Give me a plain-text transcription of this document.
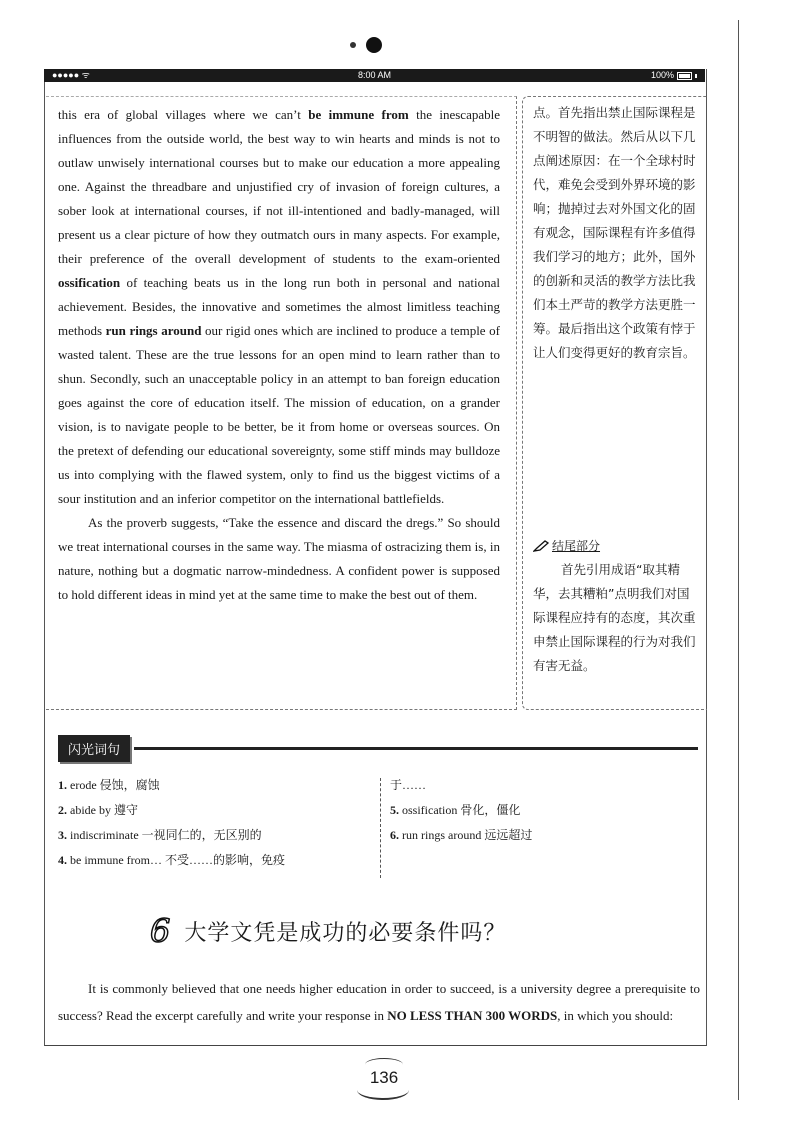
●●●●● ᯤ	8:00 AM	100%

this era of global villages where we can’t be immune from the inescapable influences from the outside world, the best way to win hearts and minds is not to outlaw unwisely international courses but to make our education a more appealing one. Against the threadbare and unjustified cry of invasion of foreign cultures, a sober look at international courses, if not ill-intentioned and badly-managed, will present us a clear picture of how they outmatch ours in many aspects. For example, their preference of the overall development of students to the exam-oriented ossification of teaching beats us in the long run both in personal and national achievement. Besides, the innovative and sometimes the almost limitless teaching methods run rings around our rigid ones which are inclined to produce a temple of wasted talent. These are the true lessons for an open mind to learn rather than to shun. Secondly, such an unacceptable policy in an attempt to ban foreign education goes against the core of education itself. The mission of education, on a grander vision, is to navigate people to be better, be it from home or overseas sources. On the pretext of defending our educational sovereignty, some stiff minds may bulldoze us into complying with the flawed system, only to find us the biggest victims of a sour institution and an inferior competitor on the international battlefields.

As the proverb suggests, “Take the essence and discard the dregs.” So should we treat international courses in the same way. The miasma of ostracizing them is, in nature, nothing but a dogmatic narrow-mindedness. A confident power is supposed to hold different ideas in mind yet at the same time to make the best out of them.

点。首先指出禁止国际课程是不明智的做法。然后从以下几点阐述原因：在一个全球村时代，难免会受到外界环境的影响；抛掉过去对外国文化的固有观念，国际课程有许多值得我们学习的地方；此外，国外的创新和灵活的教学方法比我们本土严苛的教学方法更胜一筹。最后指出这个政策有悖于让人们变得更好的教育宗旨。

结尾部分
首先引用成语“取其精华，去其糟粕”点明我们对国际课程应持有的态度，其次重申禁止国际课程的行为对我们有害无益。
闪光词句
1. erode 侵蚀，腐蚀
2. abide by 遵守
3. indiscriminate 一视同仁的，无区别的
4. be immune from… 不受……的影响，免疫
于……
5. ossification 骨化，僵化
6. run rings around 远远超过
6 大学文凭是成功的必要条件吗？

It is commonly believed that one needs higher education in order to succeed, is a university degree a prerequisite to success? Read the excerpt carefully and write your response in NO LESS THAN 300 WORDS, in which you should:

136
